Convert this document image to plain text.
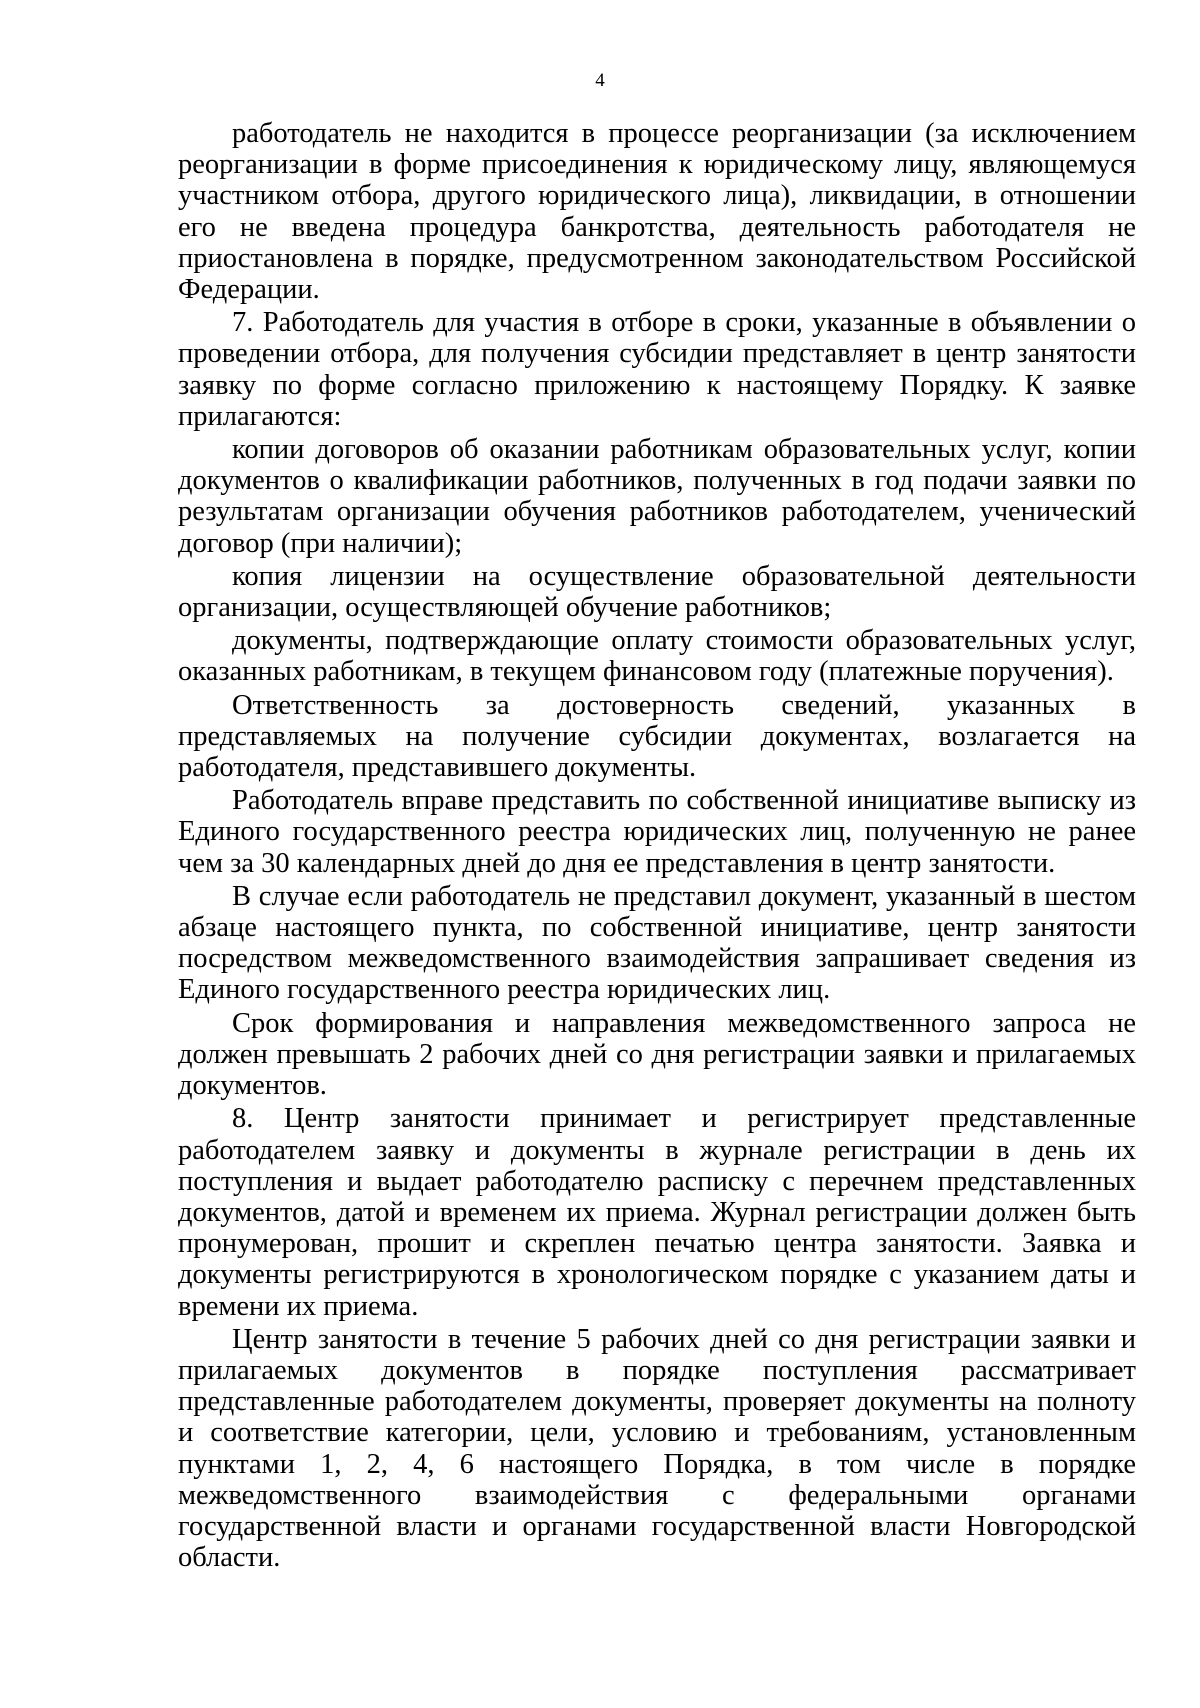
4

работодатель не находится в процессе реорганизации (за исключением реорганизации в форме присоединения к юридическому лицу, являющемуся участником отбора, другого юридического лица), ликвидации, в отношении его не введена процедура банкротства, деятельность работодателя не приостановлена в порядке, предусмотренном законодательством Российской Федерации.

7. Работодатель для участия в отборе в сроки, указанные в объявлении о проведении отбора, для получения субсидии представляет в центр занятости заявку по форме согласно приложению к настоящему Порядку. К заявке прилагаются:

копии договоров об оказании работникам образовательных услуг, копии документов о квалификации работников, полученных в год подачи заявки по результатам организации обучения работников работодателем, ученический договор (при наличии);

копия лицензии на осуществление образовательной деятельности организации, осуществляющей обучение работников;

документы, подтверждающие оплату стоимости образовательных услуг, оказанных работникам, в текущем финансовом году (платежные поручения).

Ответственность за достоверность сведений, указанных в представляемых на получение субсидии документах, возлагается на работодателя, представившего документы.

Работодатель вправе представить по собственной инициативе выписку из Единого государственного реестра юридических лиц, полученную не ранее чем за 30 календарных дней до дня ее представления в центр занятости.

В случае если работодатель не представил документ, указанный в шестом абзаце настоящего пункта, по собственной инициативе, центр занятости посредством межведомственного взаимодействия запрашивает сведения из Единого государственного реестра юридических лиц.

Срок формирования и направления межведомственного запроса не должен превышать 2 рабочих дней со дня регистрации заявки и прилагаемых документов.

8. Центр занятости принимает и регистрирует представленные работодателем заявку и документы в журнале регистрации в день их поступления и выдает работодателю расписку с перечнем представленных документов, датой и временем их приема. Журнал регистрации должен быть пронумерован, прошит и скреплен печатью центра занятости. Заявка и документы регистрируются в хронологическом порядке с указанием даты и времени их приема.

Центр занятости в течение 5 рабочих дней со дня регистрации заявки и прилагаемых документов в порядке поступления рассматривает представленные работодателем документы, проверяет документы на полноту и соответствие категории, цели, условию и требованиям, установленным пунктами 1, 2, 4, 6 настоящего Порядка, в том числе в порядке межведомственного взаимодействия с федеральными органами государственной власти и органами государственной власти Новгородской области.
